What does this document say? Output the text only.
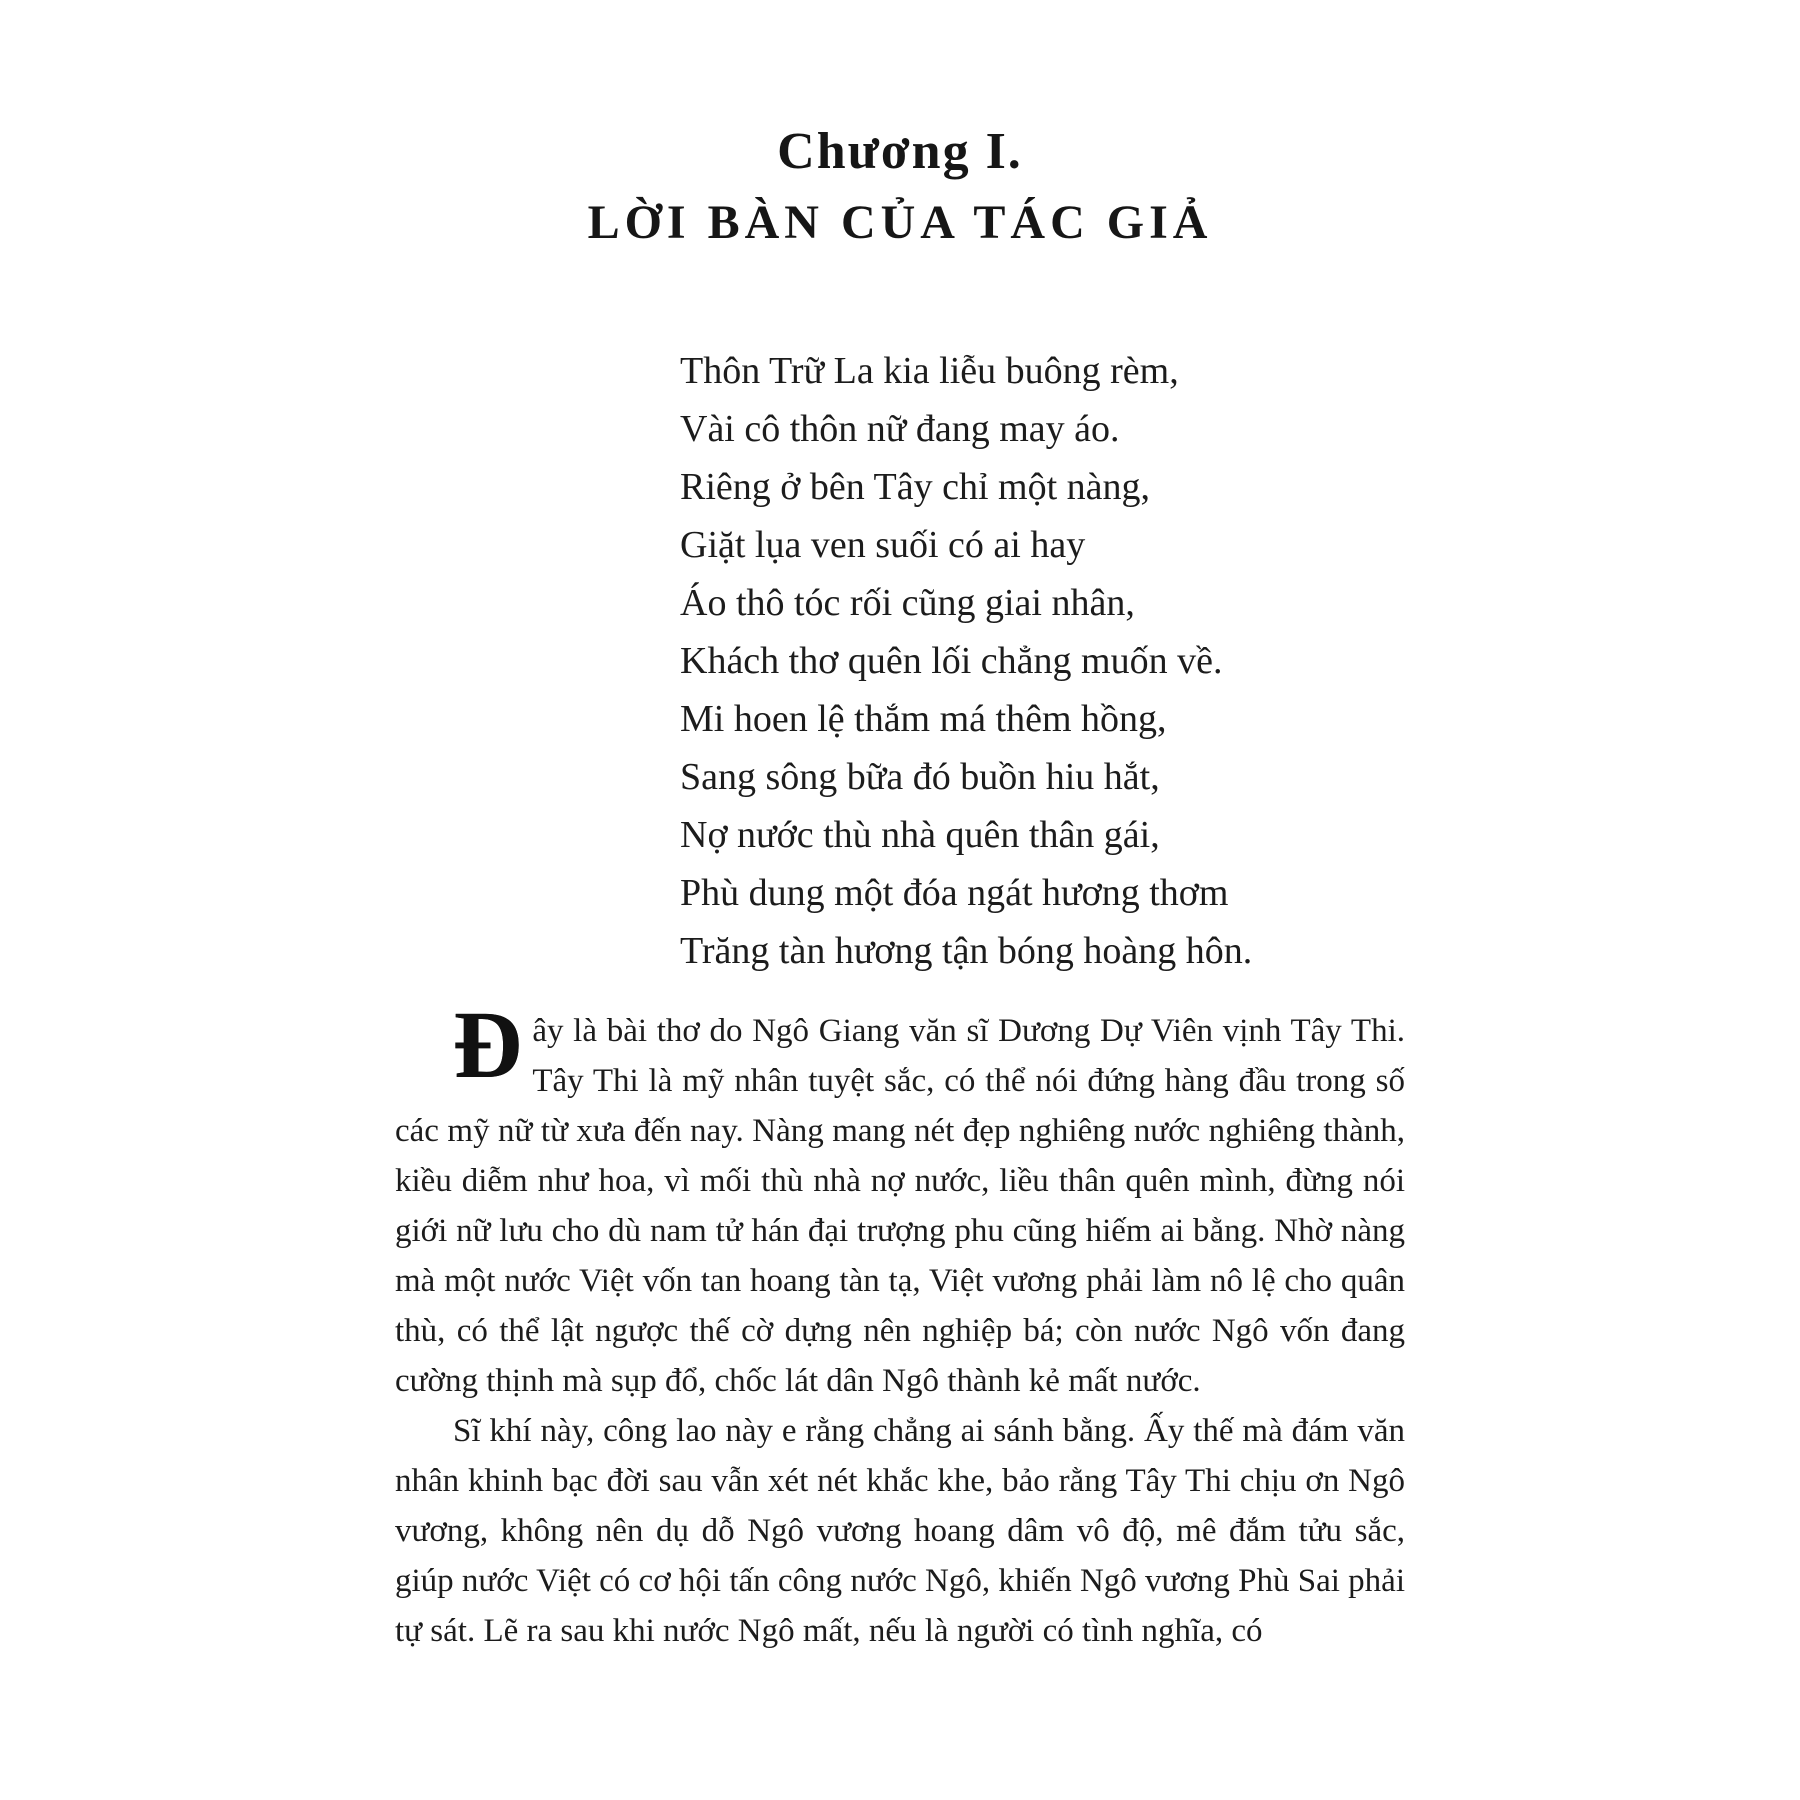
Chương I.
LỜI BÀN CỦA TÁC GIẢ
Thôn Trữ La kia liễu buông rèm,
Vài cô thôn nữ đang may áo.
Riêng ở bên Tây chỉ một nàng,
Giặt lụa ven suối có ai hay
Áo thô tóc rối cũng giai nhân,
Khách thơ quên lối chẳng muốn về.
Mi hoen lệ thắm má thêm hồng,
Sang sông bữa đó buồn hiu hắt,
Nợ nước thù nhà quên thân gái,
Phù dung một đóa ngát hương thơm
Trăng tàn hương tận bóng hoàng hôn.

Đây là bài thơ do Ngô Giang văn sĩ Dương Dự Viên vịnh Tây Thi. Tây Thi là mỹ nhân tuyệt sắc, có thể nói đứng hàng đầu trong số các mỹ nữ từ xưa đến nay. Nàng mang nét đẹp nghiêng nước nghiêng thành, kiều diễm như hoa, vì mối thù nhà nợ nước, liều thân quên mình, đừng nói giới nữ lưu cho dù nam tử hán đại trượng phu cũng hiếm ai bằng. Nhờ nàng mà một nước Việt vốn tan hoang tàn tạ, Việt vương phải làm nô lệ cho quân thù, có thể lật ngược thế cờ dựng nên nghiệp bá; còn nước Ngô vốn đang cường thịnh mà sụp đổ, chốc lát dân Ngô thành kẻ mất nước.

Sĩ khí này, công lao này e rằng chẳng ai sánh bằng. Ấy thế mà đám văn nhân khinh bạc đời sau vẫn xét nét khắc khe, bảo rằng Tây Thi chịu ơn Ngô vương, không nên dụ dỗ Ngô vương hoang dâm vô độ, mê đắm tửu sắc, giúp nước Việt có cơ hội tấn công nước Ngô, khiến Ngô vương Phù Sai phải tự sát. Lẽ ra sau khi nước Ngô mất, nếu là người có tình nghĩa, có
